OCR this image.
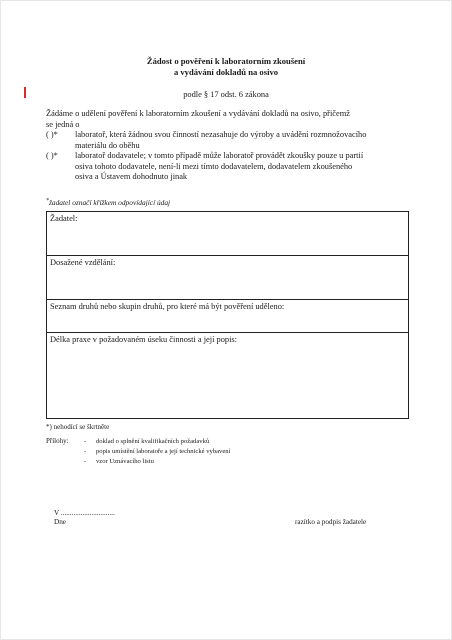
Žádost o pověření k laboratorním zkoušení
a vydávání dokladů na osivo
podle § 17 odst. 6 zákona
Žádáme o udělení pověření k laboratorním zkoušení a vydávání dokladů na osivo, přičemž
se jedná o
( )* laboratoř, která žádnou svou činností nezasahuje do výroby a uvádění rozmnožovacího
materiálu do oběhu
( )* laboratoř dodavatele; v tomto případě může laboratoř provádět zkoušky pouze u partií
osiva tohoto dodavatele, není-li mezi tímto dodavatelem, dodavatelem zkoušeného
osiva a Ústavem dohodnuto jinak
*žadatel označí křížkem odpovídající údaj
Žadatel:
Dosažené vzdělání:
Seznam druhů nebo skupin druhů, pro které má být pověření uděleno:
Délka praxe v požadovaném úseku činnosti a její popis:
*) nehodící se škrtněte
Přílohy: - doklad o splnění kvalifikačních požadavků
- popis umístění laboratoře a její technické vybavení
- vzor Uznávacího listu
V ..............................
Dne	razítko a podpis žadatele
